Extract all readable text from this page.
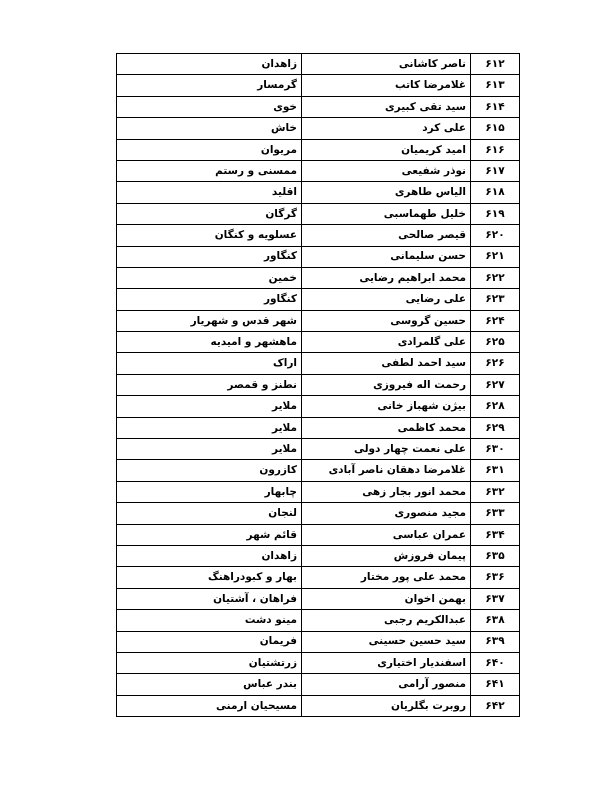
۶۱۲	ناصر کاشانی	زاهدان
۶۱۳	غلامرضا کاتب	گرمسار
۶۱۴	سید تقی کبیری	خوی
۶۱۵	علی کرد	خاش
۶۱۶	امید کریمیان	مریوان
۶۱۷	نوذر شفیعی	ممسنی و رستم
۶۱۸	الیاس طاهری	اقلید
۶۱۹	خلیل طهماسبی	گرگان
۶۲۰	قیصر صالحی	عسلویه و کنگان
۶۲۱	حسن سلیمانی	کنگاور
۶۲۲	محمد ابراهیم رضایی	خمین
۶۲۳	علی رضایی	کنگاور
۶۲۴	حسین گروسی	شهر قدس و شهریار
۶۲۵	علی گلمرادی	ماهشهر و امیدیه
۶۲۶	سید احمد لطفی	اراک
۶۲۷	رحمت اله فیروزی	نطنز و قمصر
۶۲۸	بیژن شهباز خانی	ملایر
۶۲۹	محمد کاظمی	ملایر
۶۳۰	علی نعمت چهار دولی	ملایر
۶۳۱	غلامرضا دهقان ناصر آبادی	کازرون
۶۳۲	محمد انور بجار زهی	چابهار
۶۳۳	مجید منصوری	لنجان
۶۳۴	عمران عباسی	قائم شهر
۶۳۵	پیمان فروزش	زاهدان
۶۳۶	محمد علی پور مختار	بهار و کبودراهنگ
۶۳۷	بهمن اخوان	فراهان ، آشتیان
۶۳۸	عبدالکریم رجبی	مینو دشت
۶۳۹	سید حسین حسینی	فریمان
۶۴۰	اسفندیار اختیاری	زرتشتیان
۶۴۱	منصور آرامی	بندر عباس
۶۴۲	روبرت بگلریان	مسیحیان ارمنی
